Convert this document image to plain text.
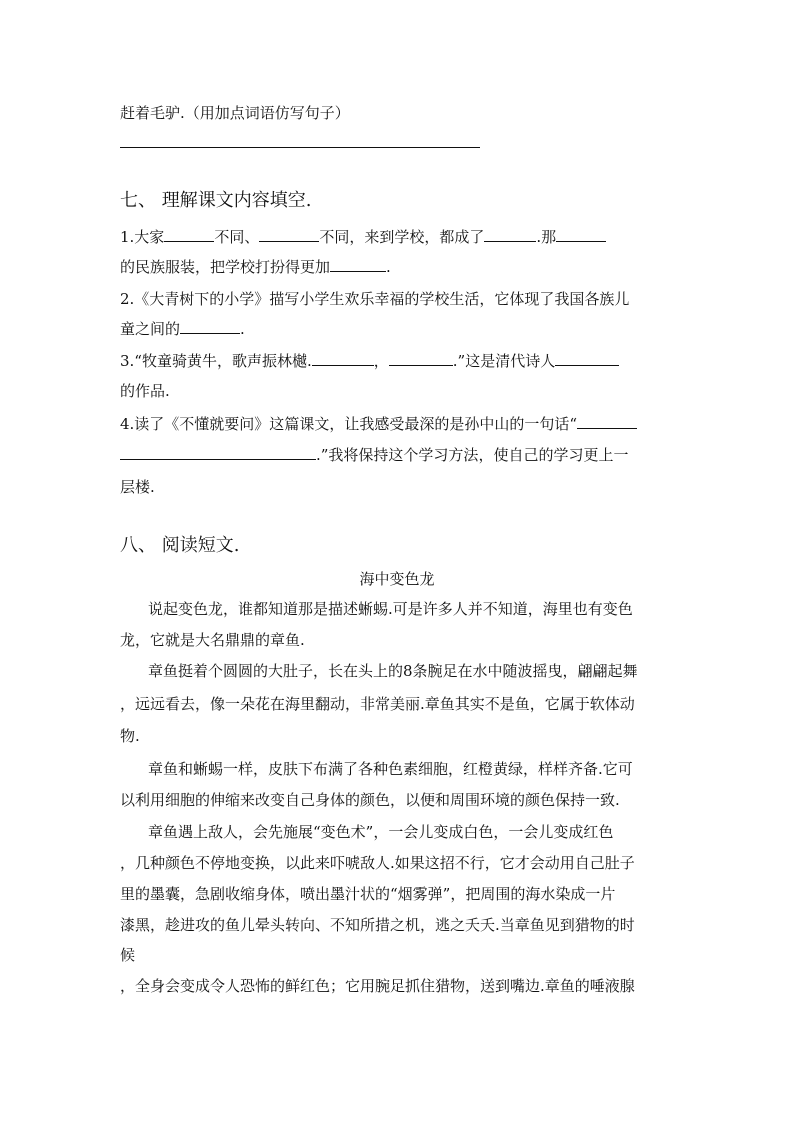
赶着毛驴.（用加点词语仿写句子）
七、 理解课文内容填空.
1.大家	不同、	不同，来到学校，都成了	.那
的民族服装，把学校打扮得更加	.
2.《大青树下的小学》描写小学生欢乐幸福的学校生活，它体现了我国各族儿
童之间的	.
3.“牧童骑黄牛，歌声振林樾.	，	.”这是清代诗人
的作品.
4.读了《不懂就要问》这篇课文，让我感受最深的是孙中山的一句话“
.”我将保持这个学习方法，使自己的学习更上一
层楼.
八、 阅读短文.
海中变色龙
说起变色龙，谁都知道那是描述蜥蜴.可是许多人并不知道，海里也有变色
龙，它就是大名鼎鼎的章鱼.
章鱼挺着个圆圆的大肚子，长在头上的8条腕足在水中随波摇曳，翩翩起舞
，远远看去，像一朵花在海里翻动，非常美丽.章鱼其实不是鱼，它属于软体动
物.
章鱼和蜥蜴一样，皮肤下布满了各种色素细胞，红橙黄绿，样样齐备.它可
以利用细胞的伸缩来改变自己身体的颜色，以便和周围环境的颜色保持一致.
章鱼遇上敌人，会先施展“变色术”，一会儿变成白色，一会儿变成红色
，几种颜色不停地变换，以此来吓唬敌人.如果这招不行，它才会动用自己肚子
里的墨囊，急剧收缩身体，喷出墨汁状的“烟雾弹”，把周围的海水染成一片
漆黑，趁进攻的鱼儿晕头转向、不知所措之机，逃之夭夭.当章鱼见到猎物的时
候
，全身会变成令人恐怖的鲜红色；它用腕足抓住猎物，送到嘴边.章鱼的唾液腺
